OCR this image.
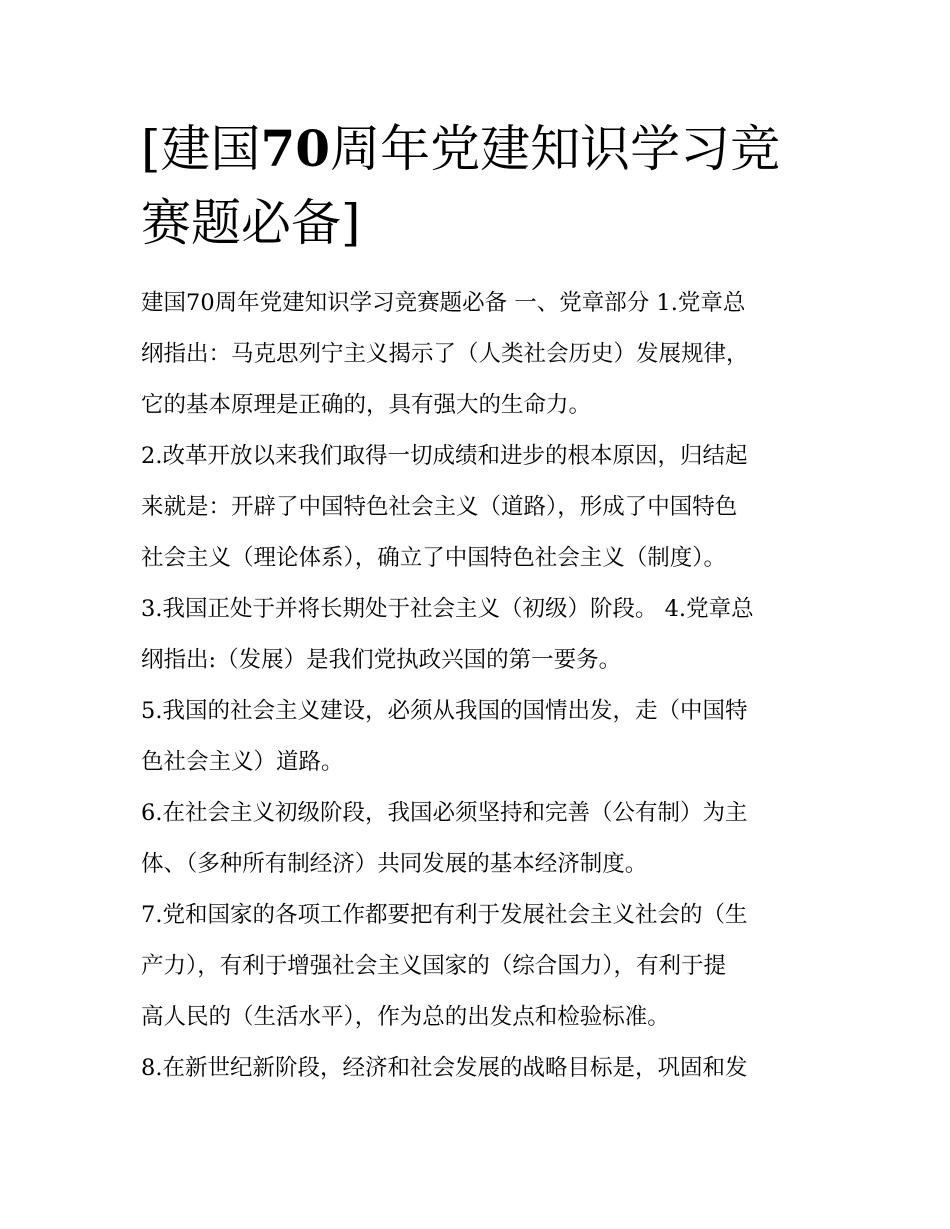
[建国70周年党建知识学习竞
赛题必备]

建国70周年党建知识学习竞赛题必备 一、党章部分 1.党章总
纲指出：马克思列宁主义揭示了（人类社会历史）发展规律，
它的基本原理是正确的，具有强大的生命力。

2.改革开放以来我们取得一切成绩和进步的根本原因，归结起
来就是：开辟了中国特色社会主义（道路），形成了中国特色
社会主义（理论体系），确立了中国特色社会主义（制度）。

3.我国正处于并将长期处于社会主义（初级）阶段。 4.党章总
纲指出:（发展）是我们党执政兴国的第一要务。

5.我国的社会主义建设，必须从我国的国情出发，走（中国特
色社会主义）道路。

6.在社会主义初级阶段，我国必须坚持和完善（公有制）为主
体、（多种所有制经济）共同发展的基本经济制度。

7.党和国家的各项工作都要把有利于发展社会主义社会的（生
产力），有利于增强社会主义国家的（综合国力），有利于提
高人民的（生活水平），作为总的出发点和检验标准。

8.在新世纪新阶段，经济和社会发展的战略目标是，巩固和发
